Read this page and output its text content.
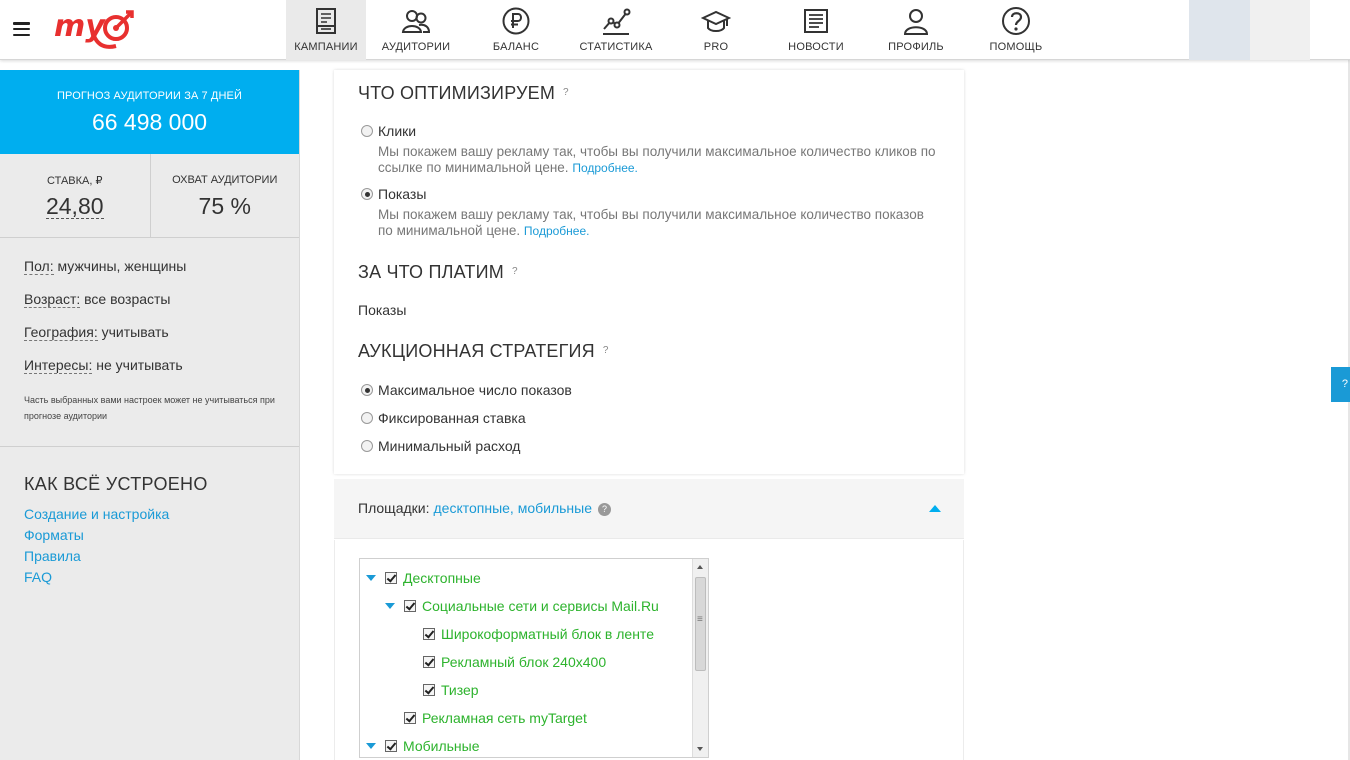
my
КАМПАНИИ	АУДИТОРИИ	БАЛАНС	СТАТИСТИКА	PRO	НОВОСТИ	ПРОФИЛЬ	ПОМОЩЬ
ПРОГНОЗ АУДИТОРИИ ЗА 7 ДНЕЙ
66 498 000
СТАВКА, ₽
24,80
ОХВАТ АУДИТОРИИ
75 %
Пол: мужчины, женщины
Возраст: все возрасты
География: учитывать
Интересы: не учитывать
Часть выбранных вами настроек может не учитываться при прогнозе аудитории
КАК ВСЁ УСТРОЕНО
Создание и настройка
Форматы
Правила
FAQ
ЧТО ОПТИМИЗИРУЕМ ?
Клики
Мы покажем вашу рекламу так, чтобы вы получили максимальное количество кликов по ссылке по минимальной цене. Подробнее.
Показы
Мы покажем вашу рекламу так, чтобы вы получили максимальное количество показов по минимальной цене. Подробнее.
ЗА ЧТО ПЛАТИМ ?
Показы
АУКЦИОННАЯ СТРАТЕГИЯ ?
Максимальное число показов
Фиксированная ставка
Минимальный расход
Площадки: десктопные, мобильные ?
Десктопные
Социальные сети и сервисы Mail.Ru
Широкоформатный блок в ленте
Рекламный блок 240x400
Тизер
Рекламная сеть myTarget
Мобильные
≡
?
